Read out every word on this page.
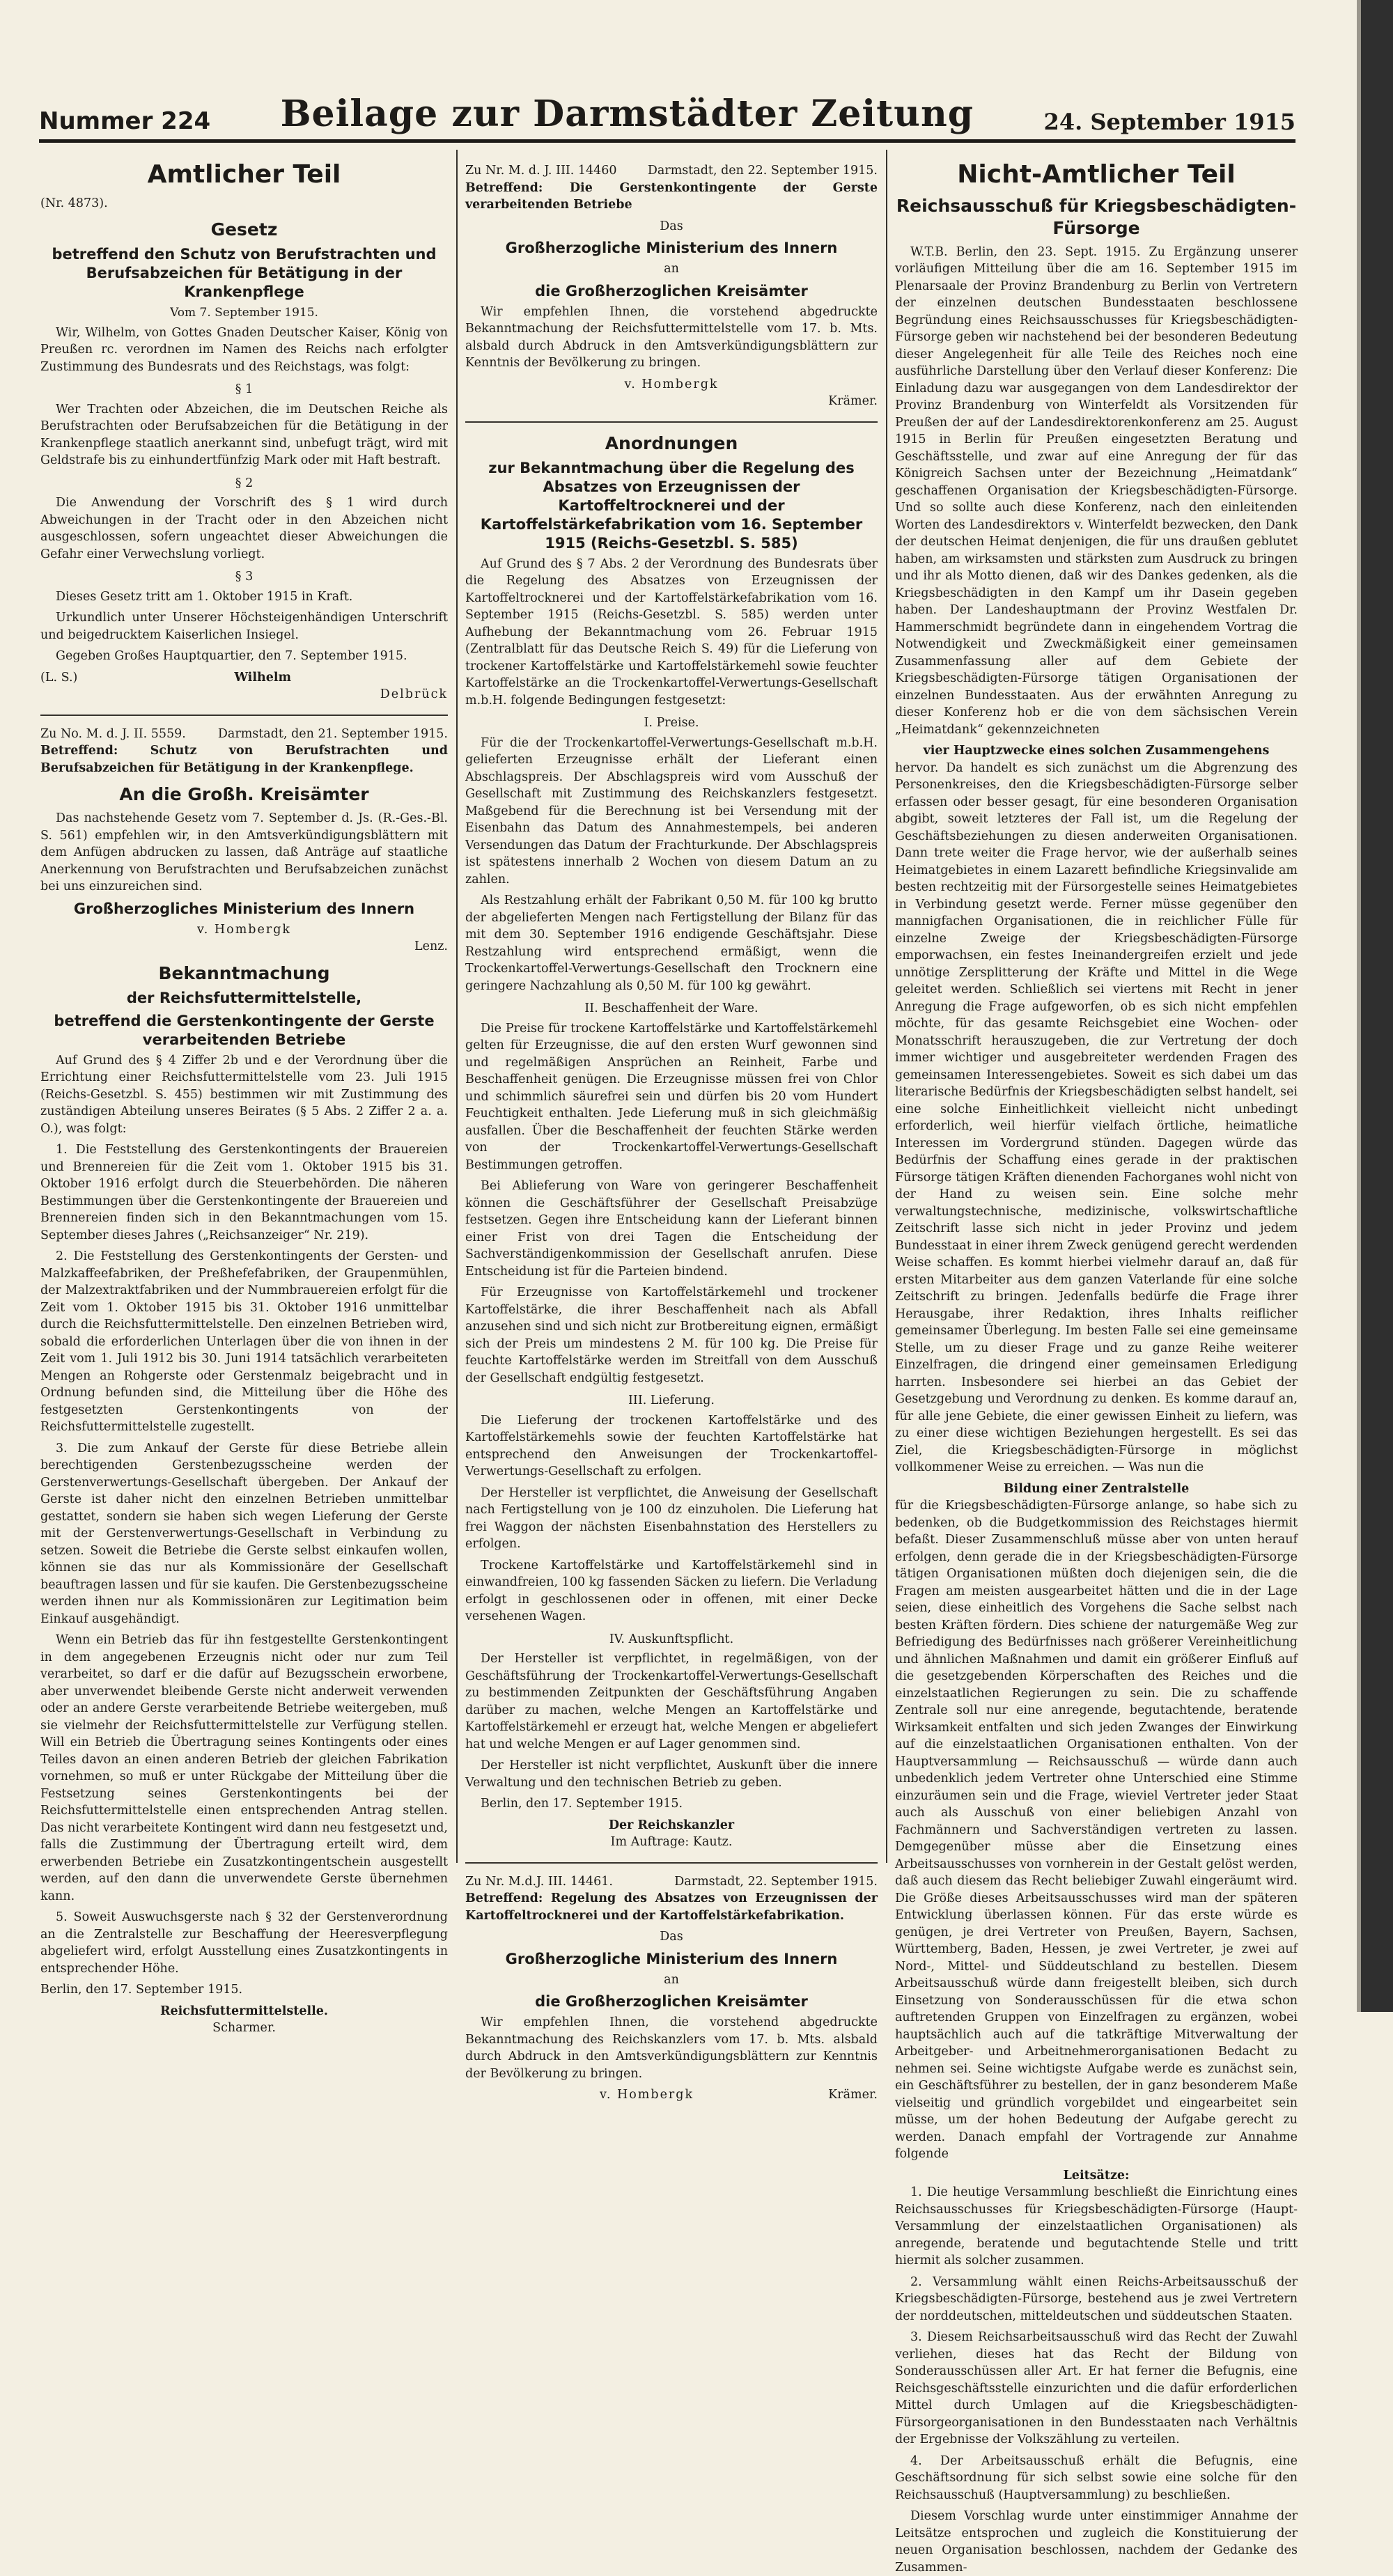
Nummer 224 Beilage zur Darmstädter Zeitung	24. September 1915
Amtlicher Teil

(Nr. 4873).

Gesetz
betreffend den Schutz von Berufstrachten und Berufsabzeichen für Betätigung in der Krankenpflege
Vom 7. September 1915.

Wir, Wilhelm, von Gottes Gnaden Deutscher Kaiser, König von Preußen rc. verordnen im Namen des Reichs nach erfolgter Zustimmung des Bundesrats und des Reichstags, was folgt:

§ 1

Wer Trachten oder Abzeichen, die im Deutschen Reiche als Berufstrachten oder Berufsabzeichen für die Betätigung in der Krankenpflege staatlich anerkannt sind, unbefugt trägt, wird mit Geldstrafe bis zu einhundertfünfzig Mark oder mit Haft bestraft.

§ 2

Die Anwendung der Vorschrift des § 1 wird durch Abweichungen in der Tracht oder in den Abzeichen nicht ausgeschlossen, sofern ungeachtet dieser Abweichungen die Gefahr einer Verwechslung vorliegt.

§ 3

Dieses Gesetz tritt am 1. Oktober 1915 in Kraft.

Urkundlich unter Unserer Höchsteigenhändigen Unterschrift und beigedrucktem Kaiserlichen Insiegel.

Gegeben Großes Hauptquartier, den 7. September 1915.

(L. S.)	Wilhelm
Delbrück
Zu No. M. d. J. II. 5559.	Darmstadt, den 21. September 1915.

Betreffend: Schutz von Berufstrachten und Berufsabzeichen für Betätigung in der Krankenpflege.

An die Großh. Kreisämter

Das nachstehende Gesetz vom 7. September d. Js. (R.-Ges.-Bl. S. 561) empfehlen wir, in den Amtsverkündigungsblättern mit dem Anfügen abdrucken zu lassen, daß Anträge auf staatliche Anerkennung von Berufstrachten und Berufsabzeichen zunächst bei uns einzureichen sind.

Großherzogliches Ministerium des Innern
v. Hombergk
Lenz.
Bekanntmachung
der Reichsfuttermittelstelle,
betreffend die Gerstenkontingente der Gerste verarbeitenden Betriebe

Auf Grund des § 4 Ziffer 2b und e der Verordnung über die Errichtung einer Reichsfuttermittelstelle vom 23. Juli 1915 (Reichs-Gesetzbl. S. 455) bestimmen wir mit Zustimmung des zuständigen Abteilung unseres Beirates (§ 5 Abs. 2 Ziffer 2 a. a. O.), was folgt:

1. Die Feststellung des Gerstenkontingents der Brauereien und Brennereien für die Zeit vom 1. Oktober 1915 bis 31. Oktober 1916 erfolgt durch die Steuerbehörden. Die näheren Bestimmungen über die Gerstenkontingente der Brauereien und Brennereien finden sich in den Bekanntmachungen vom 15. September dieses Jahres („Reichsanzeiger“ Nr. 219).

2. Die Feststellung des Gerstenkontingents der Gersten- und Malzkaffeefabriken, der Preßhefefabriken, der Graupenmühlen, der Malzextraktfabriken und der Nummbrauereien erfolgt für die Zeit vom 1. Oktober 1915 bis 31. Oktober 1916 unmittelbar durch die Reichsfuttermittelstelle. Den einzelnen Betrieben wird, sobald die erforderlichen Unterlagen über die von ihnen in der Zeit vom 1. Juli 1912 bis 30. Juni 1914 tatsächlich verarbeiteten Mengen an Rohgerste oder Gerstenmalz beigebracht und in Ordnung befunden sind, die Mitteilung über die Höhe des festgesetzten Gerstenkontingents von der Reichsfuttermittelstelle zugestellt.

3. Die zum Ankauf der Gerste für diese Betriebe allein berechtigenden Gerstenbezugsscheine werden der Gerstenverwertungs-Gesellschaft übergeben. Der Ankauf der Gerste ist daher nicht den einzelnen Betrieben unmittelbar gestattet, sondern sie haben sich wegen Lieferung der Gerste mit der Gerstenverwertungs-Gesellschaft in Verbindung zu setzen. Soweit die Betriebe die Gerste selbst einkaufen wollen, können sie das nur als Kommissionäre der Gesellschaft beauftragen lassen und für sie kaufen. Die Gerstenbezugsscheine werden ihnen nur als Kommissionären zur Legitimation beim Einkauf ausgehändigt.

Wenn ein Betrieb das für ihn festgestellte Gerstenkontingent in dem angegebenen Erzeugnis nicht oder nur zum Teil verarbeitet, so darf er die dafür auf Bezugsschein erworbene, aber unverwendet bleibende Gerste nicht anderweit verwenden oder an andere Gerste verarbeitende Betriebe weitergeben, muß sie vielmehr der Reichsfuttermittelstelle zur Verfügung stellen. Will ein Betrieb die Übertragung seines Kontingents oder eines Teiles davon an einen anderen Betrieb der gleichen Fabrikation vornehmen, so muß er unter Rückgabe der Mitteilung über die Festsetzung seines Gerstenkontingents bei der Reichsfuttermittelstelle einen entsprechenden Antrag stellen. Das nicht verarbeitete Kontingent wird dann neu festgesetzt und, falls die Zustimmung der Übertragung erteilt wird, dem erwerbenden Betriebe ein Zusatzkontingentschein ausgestellt werden, auf den dann die unverwendete Gerste übernehmen kann.

5. Soweit Auswuchsgerste nach § 32 der Gerstenverordnung an die Zentralstelle zur Beschaffung der Heeresverpflegung abgeliefert wird, erfolgt Ausstellung eines Zusatzkontingents in entsprechender Höhe.

Berlin, den 17. September 1915.

Reichsfuttermittelstelle.
Scharmer.
Zu Nr. M. d. J. III. 14460	Darmstadt, den 22. September 1915.

Betreffend: Die Gerstenkontingente der Gerste verarbeitenden Betriebe

Das
Großherzogliche Ministerium des Innern
an
die Großherzoglichen Kreisämter

Wir empfehlen Ihnen, die vorstehend abgedruckte Bekanntmachung der Reichsfuttermittelstelle vom 17. b. Mts. alsbald durch Abdruck in den Amtsverkündigungsblättern zur Kenntnis der Bevölkerung zu bringen.

v. Hombergk
Krämer.
Anordnungen
zur Bekanntmachung über die Regelung des Absatzes von Erzeugnissen der Kartoffeltrocknerei und der Kartoffelstärkefabrikation vom 16. September 1915 (Reichs-Gesetzbl. S. 585)

Auf Grund des § 7 Abs. 2 der Verordnung des Bundesrats über die Regelung des Absatzes von Erzeugnissen der Kartoffeltrocknerei und der Kartoffelstärkefabrikation vom 16. September 1915 (Reichs-Gesetzbl. S. 585) werden unter Aufhebung der Bekanntmachung vom 26. Februar 1915 (Zentralblatt für das Deutsche Reich S. 49) für die Lieferung von trockener Kartoffelstärke und Kartoffelstärkemehl sowie feuchter Kartoffelstärke an die Trockenkartoffel-Verwertungs-Gesellschaft m.b.H. folgende Bedingungen festgesetzt:

I. Preise.

Für die der Trockenkartoffel-Verwertungs-Gesellschaft m.b.H. gelieferten Erzeugnisse erhält der Lieferant einen Abschlagspreis. Der Abschlagspreis wird vom Ausschuß der Gesellschaft mit Zustimmung des Reichskanzlers festgesetzt. Maßgebend für die Berechnung ist bei Versendung mit der Eisenbahn das Datum des Annahmestempels, bei anderen Versendungen das Datum der Frachturkunde. Der Abschlagspreis ist spätestens innerhalb 2 Wochen von diesem Datum an zu zahlen.

Als Restzahlung erhält der Fabrikant 0,50 M. für 100 kg brutto der abgelieferten Mengen nach Fertigstellung der Bilanz für das mit dem 30. September 1916 endigende Geschäftsjahr. Diese Restzahlung wird entsprechend ermäßigt, wenn die Trockenkartoffel-Verwertungs-Gesellschaft den Trocknern eine geringere Nachzahlung als 0,50 M. für 100 kg gewährt.

II. Beschaffenheit der Ware.

Die Preise für trockene Kartoffelstärke und Kartoffelstärkemehl gelten für Erzeugnisse, die auf den ersten Wurf gewonnen sind und regelmäßigen Ansprüchen an Reinheit, Farbe und Beschaffenheit genügen. Die Erzeugnisse müssen frei von Chlor und schimmlich säurefrei sein und dürfen bis 20 vom Hundert Feuchtigkeit enthalten. Jede Lieferung muß in sich gleichmäßig ausfallen. Über die Beschaffenheit der feuchten Stärke werden von der Trockenkartoffel-Verwertungs-Gesellschaft Bestimmungen getroffen.

Bei Ablieferung von Ware von geringerer Beschaffenheit können die Geschäftsführer der Gesellschaft Preisabzüge festsetzen. Gegen ihre Entscheidung kann der Lieferant binnen einer Frist von drei Tagen die Entscheidung der Sachverständigenkommission der Gesellschaft anrufen. Diese Entscheidung ist für die Parteien bindend.

Für Erzeugnisse von Kartoffelstärkemehl und trockener Kartoffelstärke, die ihrer Beschaffenheit nach als Abfall anzusehen sind und sich nicht zur Brotbereitung eignen, ermäßigt sich der Preis um mindestens 2 M. für 100 kg. Die Preise für feuchte Kartoffelstärke werden im Streitfall von dem Ausschuß der Gesellschaft endgültig festgesetzt.

III. Lieferung.

Die Lieferung der trockenen Kartoffelstärke und des Kartoffelstärkemehls sowie der feuchten Kartoffelstärke hat entsprechend den Anweisungen der Trockenkartoffel-Verwertungs-Gesellschaft zu erfolgen.

Der Hersteller ist verpflichtet, die Anweisung der Gesellschaft nach Fertigstellung von je 100 dz einzuholen. Die Lieferung hat frei Waggon der nächsten Eisenbahnstation des Herstellers zu erfolgen.

Trockene Kartoffelstärke und Kartoffelstärkemehl sind in einwandfreien, 100 kg fassenden Säcken zu liefern. Die Verladung erfolgt in geschlossenen oder in offenen, mit einer Decke versehenen Wagen.

IV. Auskunftspflicht.

Der Hersteller ist verpflichtet, in regelmäßigen, von der Geschäftsführung der Trockenkartoffel-Verwertungs-Gesellschaft zu bestimmenden Zeitpunkten der Geschäftsführung Angaben darüber zu machen, welche Mengen an Kartoffelstärke und Kartoffelstärkemehl er erzeugt hat, welche Mengen er abgeliefert hat und welche Mengen er auf Lager genommen sind.

Der Hersteller ist nicht verpflichtet, Auskunft über die innere Verwaltung und den technischen Betrieb zu geben.

Berlin, den 17. September 1915.

Der Reichskanzler
Im Auftrage: Kautz.
Zu Nr. M.d.J. III. 14461.	Darmstadt, 22. September 1915.

Betreffend: Regelung des Absatzes von Erzeugnissen der Kartoffeltrocknerei und der Kartoffelstärkefabrikation.

Das
Großherzogliche Ministerium des Innern
an
die Großherzoglichen Kreisämter

Wir empfehlen Ihnen, die vorstehend abgedruckte Bekanntmachung des Reichskanzlers vom 17. b. Mts. alsbald durch Abdruck in den Amtsverkündigungsblättern zur Kenntnis der Bevölkerung zu bringen.

v. Hombergk	Krämer.
Nicht-Amtlicher Teil
Reichsausschuß für Kriegsbeschädigten-Fürsorge

W.T.B. Berlin, den 23. Sept. 1915. Zu Ergänzung unserer vorläufigen Mitteilung über die am 16. September 1915 im Plenarsaale der Provinz Brandenburg zu Berlin von Vertretern der einzelnen deutschen Bundesstaaten beschlossene Begründung eines Reichsausschusses für Kriegsbeschädigten-Fürsorge geben wir nachstehend bei der besonderen Bedeutung dieser Angelegenheit für alle Teile des Reiches noch eine ausführliche Darstellung über den Verlauf dieser Konferenz: Die Einladung dazu war ausgegangen von dem Landesdirektor der Provinz Brandenburg von Winterfeldt als Vorsitzenden für Preußen der auf der Landesdirektorenkonferenz am 25. August 1915 in Berlin für Preußen eingesetzten Beratung und Geschäftsstelle, und zwar auf eine Anregung der für das Königreich Sachsen unter der Bezeichnung „Heimatdank“ geschaffenen Organisation der Kriegsbeschädigten-Fürsorge. Und so sollte auch diese Konferenz, nach den einleitenden Worten des Landesdirektors v. Winterfeldt bezwecken, den Dank der deutschen Heimat denjenigen, die für uns draußen geblutet haben, am wirksamsten und stärksten zum Ausdruck zu bringen und ihr als Motto dienen, daß wir des Dankes gedenken, als die Kriegsbeschädigten in den Kampf um ihr Dasein gegeben haben. Der Landeshauptmann der Provinz Westfalen Dr. Hammerschmidt begründete dann in eingehendem Vortrag die Notwendigkeit und Zweckmäßigkeit einer gemeinsamen Zusammenfassung aller auf dem Gebiete der Kriegsbeschädigten-Fürsorge tätigen Organisationen der einzelnen Bundesstaaten. Aus der erwähnten Anregung zu dieser Konferenz hob er die von dem sächsischen Verein „Heimatdank“ gekennzeichneten

vier Hauptzwecke eines solchen Zusammengehens

hervor. Da handelt es sich zunächst um die Abgrenzung des Personenkreises, den die Kriegsbeschädigten-Fürsorge selber erfassen oder besser gesagt, für eine besonderen Organisation abgibt, soweit letzteres der Fall ist, um die Regelung der Geschäftsbeziehungen zu diesen anderweiten Organisationen. Dann trete weiter die Frage hervor, wie der außerhalb seines Heimatgebietes in einem Lazarett befindliche Kriegsinvalide am besten rechtzeitig mit der Fürsorgestelle seines Heimatgebietes in Verbindung gesetzt werde. Ferner müsse gegenüber den mannigfachen Organisationen, die in reichlicher Fülle für einzelne Zweige der Kriegsbeschädigten-Fürsorge emporwachsen, ein festes Ineinandergreifen erzielt und jede unnötige Zersplitterung der Kräfte und Mittel in die Wege geleitet werden. Schließlich sei viertens mit Recht in jener Anregung die Frage aufgeworfen, ob es sich nicht empfehlen möchte, für das gesamte Reichsgebiet eine Wochen- oder Monatsschrift herauszugeben, die zur Vertretung der doch immer wichtiger und ausgebreiteter werdenden Fragen des gemeinsamen Interessengebietes. Soweit es sich dabei um das literarische Bedürfnis der Kriegsbeschädigten selbst handelt, sei eine solche Einheitlichkeit vielleicht nicht unbedingt erforderlich, weil hierfür vielfach örtliche, heimatliche Interessen im Vordergrund stünden. Dagegen würde das Bedürfnis der Schaffung eines gerade in der praktischen Fürsorge tätigen Kräften dienenden Fachorganes wohl nicht von der Hand zu weisen sein. Eine solche mehr verwaltungstechnische, medizinische, volkswirtschaftliche Zeitschrift lasse sich nicht in jeder Provinz und jedem Bundesstaat in einer ihrem Zweck genügend gerecht werdenden Weise schaffen. Es kommt hierbei vielmehr darauf an, daß für ersten Mitarbeiter aus dem ganzen Vaterlande für eine solche Zeitschrift zu bringen. Jedenfalls bedürfe die Frage ihrer Herausgabe, ihrer Redaktion, ihres Inhalts reiflicher gemeinsamer Überlegung. Im besten Falle sei eine gemeinsame Stelle, um zu dieser Frage und zu ganze Reihe weiterer Einzelfragen, die dringend einer gemeinsamen Erledigung harrten. Insbesondere sei hierbei an das Gebiet der Gesetzgebung und Verordnung zu denken. Es komme darauf an, für alle jene Gebiete, die einer gewissen Einheit zu liefern, was zu einer diese wichtigen Beziehungen hergestellt. Es sei das Ziel, die Kriegsbeschädigten-Fürsorge in möglichst vollkommener Weise zu erreichen. — Was nun die

Bildung einer Zentralstelle

für die Kriegsbeschädigten-Fürsorge anlange, so habe sich zu bedenken, ob die Budgetkommission des Reichstages hiermit befaßt. Dieser Zusammenschluß müsse aber von unten herauf erfolgen, denn gerade die in der Kriegsbeschädigten-Fürsorge tätigen Organisationen müßten doch diejenigen sein, die die Fragen am meisten ausgearbeitet hätten und die in der Lage seien, diese einheitlich des Vorgehens die Sache selbst nach besten Kräften fördern. Dies schiene der naturgemäße Weg zur Befriedigung des Bedürfnisses nach größerer Vereinheitlichung und ähnlichen Maßnahmen und damit ein größerer Einfluß auf die gesetzgebenden Körperschaften des Reiches und die einzelstaatlichen Regierungen zu sein. Die zu schaffende Zentrale soll nur eine anregende, begutachtende, beratende Wirksamkeit entfalten und sich jeden Zwanges der Einwirkung auf die einzelstaatlichen Organisationen enthalten. Von der Hauptversammlung — Reichsausschuß — würde dann auch unbedenklich jedem Vertreter ohne Unterschied eine Stimme einzuräumen sein und die Frage, wieviel Vertreter jeder Staat auch als Ausschuß von einer beliebigen Anzahl von Fachmännern und Sachverständigen vertreten zu lassen. Demgegenüber müsse aber die Einsetzung eines Arbeitsausschusses von vornherein in der Gestalt gelöst werden, daß auch diesem das Recht beliebiger Zuwahl eingeräumt wird. Die Größe dieses Arbeitsausschusses wird man der späteren Entwicklung überlassen können. Für das erste würde es genügen, je drei Vertreter von Preußen, Bayern, Sachsen, Württemberg, Baden, Hessen, je zwei Vertreter, je zwei auf Nord-, Mittel- und Süddeutschland zu bestellen. Diesem Arbeitsausschuß würde dann freigestellt bleiben, sich durch Einsetzung von Sonderausschüssen für die etwa schon auftretenden Gruppen von Einzelfragen zu ergänzen, wobei hauptsächlich auch auf die tatkräftige Mitverwaltung der Arbeitgeber- und Arbeitnehmerorganisationen Bedacht zu nehmen sei. Seine wichtigste Aufgabe werde es zunächst sein, ein Geschäftsführer zu bestellen, der in ganz besonderem Maße vielseitig und gründlich vorgebildet und eingearbeitet sein müsse, um der hohen Bedeutung der Aufgabe gerecht zu werden. Danach empfahl der Vortragende zur Annahme folgende

Leitsätze:

1. Die heutige Versammlung beschließt die Einrichtung eines Reichsausschusses für Kriegsbeschädigten-Fürsorge (Haupt-Versammlung der einzelstaatlichen Organisationen) als anregende, beratende und begutachtende Stelle und tritt hiermit als solcher zusammen.

2. Versammlung wählt einen Reichs-Arbeitsausschuß der Kriegsbeschädigten-Fürsorge, bestehend aus je zwei Vertretern der norddeutschen, mitteldeutschen und süddeutschen Staaten.

3. Diesem Reichsarbeitsausschuß wird das Recht der Zuwahl verliehen, dieses hat das Recht der Bildung von Sonderausschüssen aller Art. Er hat ferner die Befugnis, eine Reichsgeschäftsstelle einzurichten und die dafür erforderlichen Mittel durch Umlagen auf die Kriegsbeschädigten-Fürsorgeorganisationen in den Bundesstaaten nach Verhältnis der Ergebnisse der Volkszählung zu verteilen.

4. Der Arbeitsausschuß erhält die Befugnis, eine Geschäftsordnung für sich selbst sowie eine solche für den Reichsausschuß (Hauptversammlung) zu beschließen.

Diesem Vorschlag wurde unter einstimmiger Annahme der Leitsätze entsprochen und zugleich die Konstituierung der neuen Organisation beschlossen, nachdem der Gedanke des Zusammen-
